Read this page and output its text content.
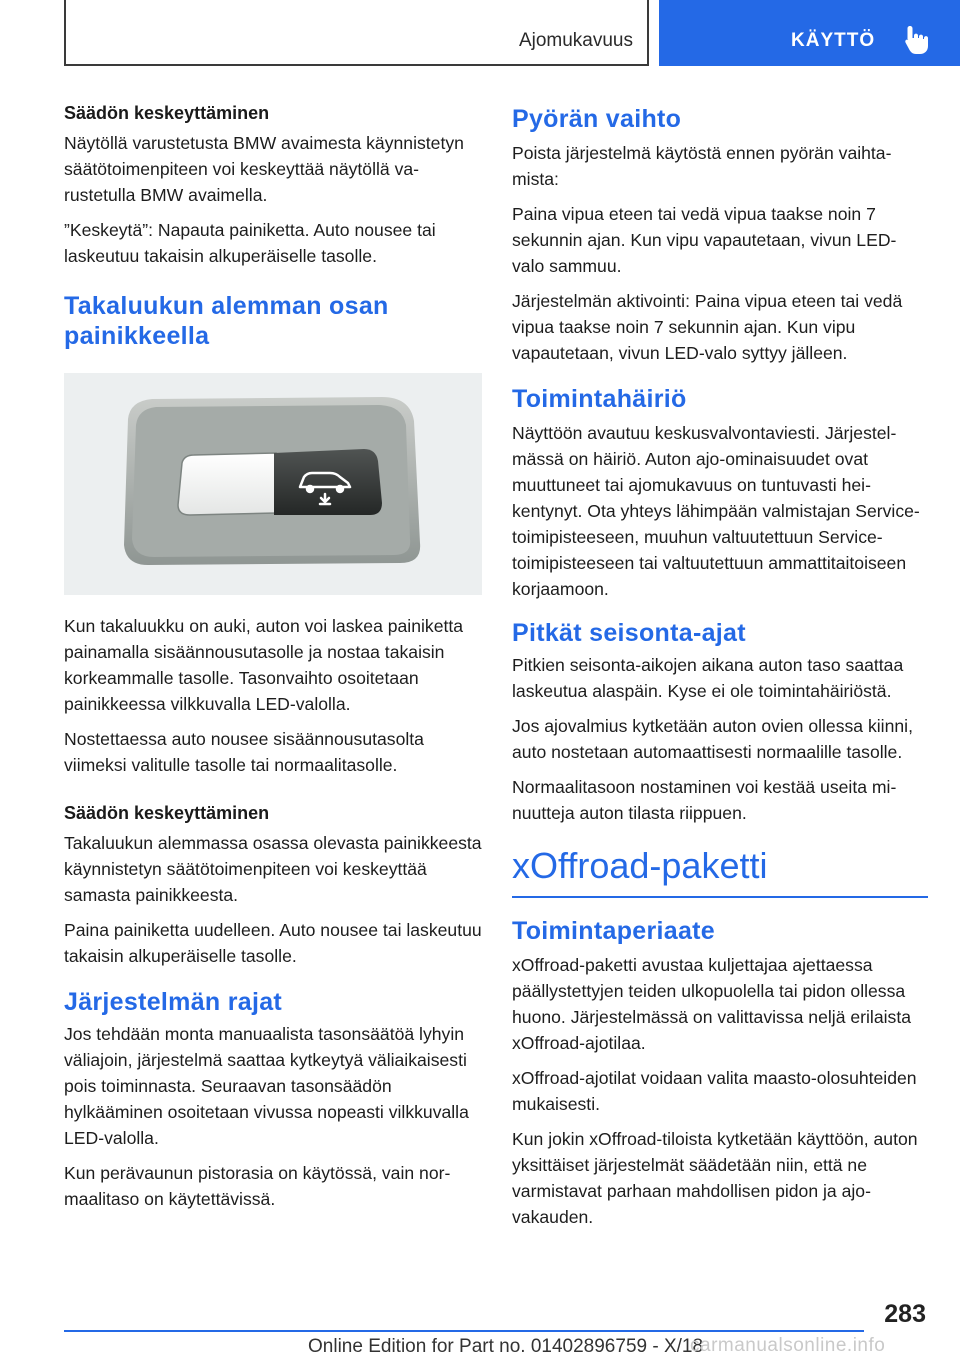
Ajomukavuus	KÄYTTÖ
Säädön keskeyttäminen

Näytöllä varustetusta BMW avaimesta käynnistetyn säätötoimenpiteen voi keskeyttää näytöllä varustetulla BMW avaimella.

”Keskeytä”: Napauta painiketta. Auto nousee tai laskeutuu takaisin alkuperäiselle tasolle.

Takaluukun alemman osan painikkeella

Kun takaluukku on auki, auton voi laskea painiketta painamalla sisäännousutasolle ja nostaa takaisin korkeammalle tasolle. Tasonvaihto osoitetaan painikkeessa vilkkuvalla LED-valolla.

Nostettaessa auto nousee sisäännousutasolta viimeksi valitulle tasolle tai normaalitasolle.

Säädön keskeyttäminen

Takaluukun alemmassa osassa olevasta painikkeesta käynnistetyn säätötoimenpiteen voi keskeyttää samasta painikkeesta.

Paina painiketta uudelleen. Auto nousee tai laskeutuu takaisin alkuperäiselle tasolle.

Järjestelmän rajat

Jos tehdään monta manuaalista tasonsäätöä lyhyin väliajoin, järjestelmä saattaa kytkeytyä väliaikaisesti pois toiminnasta. Seuraavan tasonsäädön hylkääminen osoitetaan vivussa nopeasti vilkkuvalla LED-valolla.

Kun perävaunun pistorasia on käytössä, vain normaalitaso on käytettävissä.

Pyörän vaihto

Poista järjestelmä käytöstä ennen pyörän vaihtamista:

Paina vipua eteen tai vedä vipua taakse noin 7 sekunnin ajan. Kun vipu vapautetaan, vivun LED-valo sammuu.

Järjestelmän aktivointi: Paina vipua eteen tai vedä vipua taakse noin 7 sekunnin ajan. Kun vipu vapautetaan, vivun LED-valo syttyy jälleen.

Toimintahäiriö

Näyttöön avautuu keskusvalvontaviesti. Järjestelmässä on häiriö. Auton ajo-ominaisuudet ovat muuttuneet tai ajomukavuus on tuntuvasti heikentynyt. Ota yhteys lähimpään valmistajan Service-toimipisteeseen, muuhun valtuutettuun Service-toimipisteeseen tai valtuutettuun ammattitaitoiseen korjaamoon.

Pitkät seisonta-ajat

Pitkien seisonta-aikojen aikana auton taso saattaa laskeutua alaspäin. Kyse ei ole toimintahäiriöstä.

Jos ajovalmius kytketään auton ovien ollessa kiinni, auto nostetaan automaattisesti normaalille tasolle.

Normaalitasoon nostaminen voi kestää useita minuutteja auton tilasta riippuen.

xOffroad-paketti
Toimintaperiaate

xOffroad-paketti avustaa kuljettajaa ajettaessa päällystettyjen teiden ulkopuolella tai pidon ollessa huono. Järjestelmässä on valittavissa neljä erilaista xOffroad-ajotilaa.

xOffroad-ajotilat voidaan valita maasto-olosuhteiden mukaisesti.

Kun jokin xOffroad-tiloista kytketään käyttöön, auton yksittäiset järjestelmät säädetään niin, että ne varmistavat parhaan mahdollisen pidon ja ajovakauden.

283
Online Edition for Part no. 01402896759 - X/18
carmanualsonline.info
